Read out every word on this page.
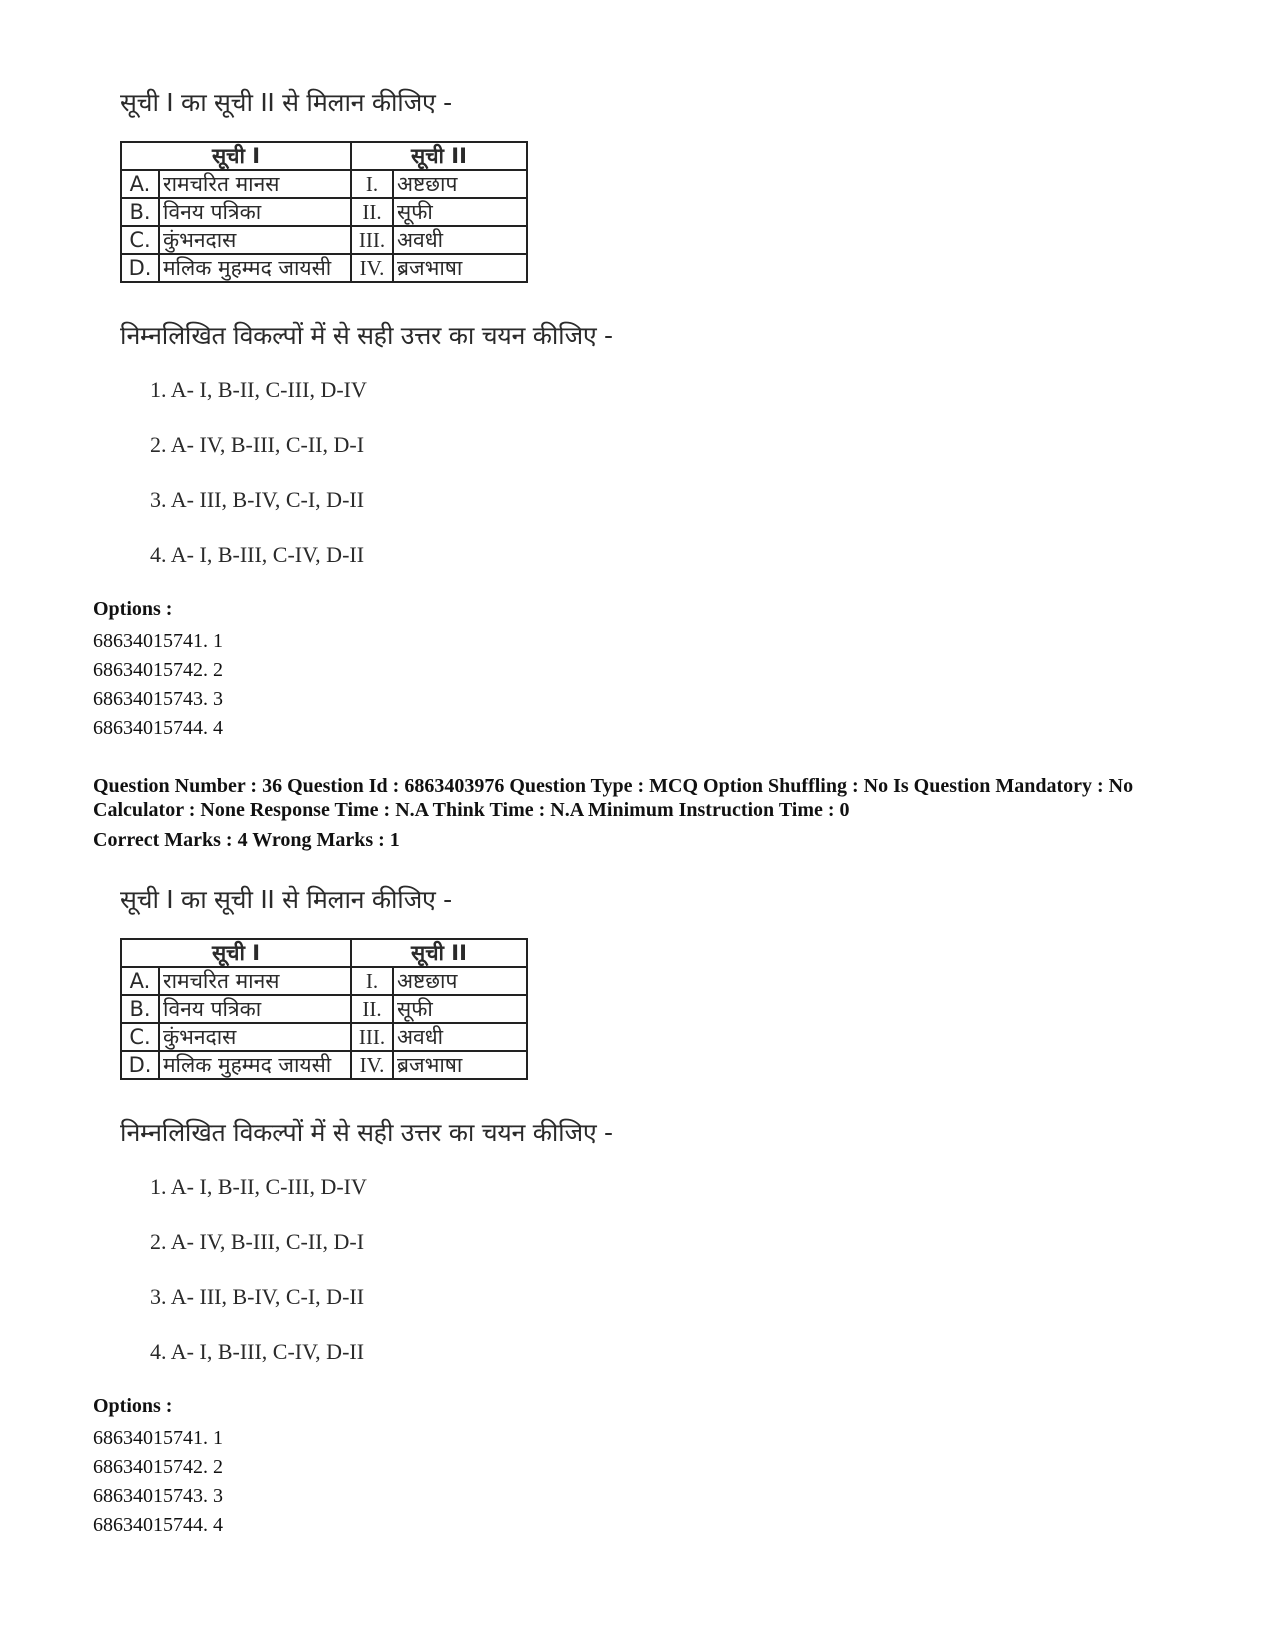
सूची I का सूची II से मिलान कीजिए -
सूची I		सूची II	
A.	रामचरित मानस	I.	अष्टछाप
B.	विनय पत्रिका	II.	सूफी
C.	कुंभनदास	III.	अवधी
D.	मलिक मुहम्मद जायसी	IV.	ब्रजभाषा
निम्नलिखित विकल्पों में से सही उत्तर का चयन कीजिए -
1. A- I, B-II, C-III, D-IV
2. A- IV, B-III, C-II, D-I
3. A- III, B-IV, C-I, D-II
4. A- I, B-III, C-IV, D-II
Options :
68634015741. 1
68634015742. 2
68634015743. 3
68634015744. 4
Question Number : 36 Question Id : 6863403976 Question Type : MCQ Option Shuffling : No Is Question Mandatory : No Calculator : None Response Time : N.A Think Time : N.A Minimum Instruction Time : 0
Correct Marks : 4 Wrong Marks : 1
सूची I का सूची II से मिलान कीजिए -
सूची I		सूची II	
A.	रामचरित मानस	I.	अष्टछाप
B.	विनय पत्रिका	II.	सूफी
C.	कुंभनदास	III.	अवधी
D.	मलिक मुहम्मद जायसी	IV.	ब्रजभाषा
निम्नलिखित विकल्पों में से सही उत्तर का चयन कीजिए -
1. A- I, B-II, C-III, D-IV
2. A- IV, B-III, C-II, D-I
3. A- III, B-IV, C-I, D-II
4. A- I, B-III, C-IV, D-II
Options :
68634015741. 1
68634015742. 2
68634015743. 3
68634015744. 4
